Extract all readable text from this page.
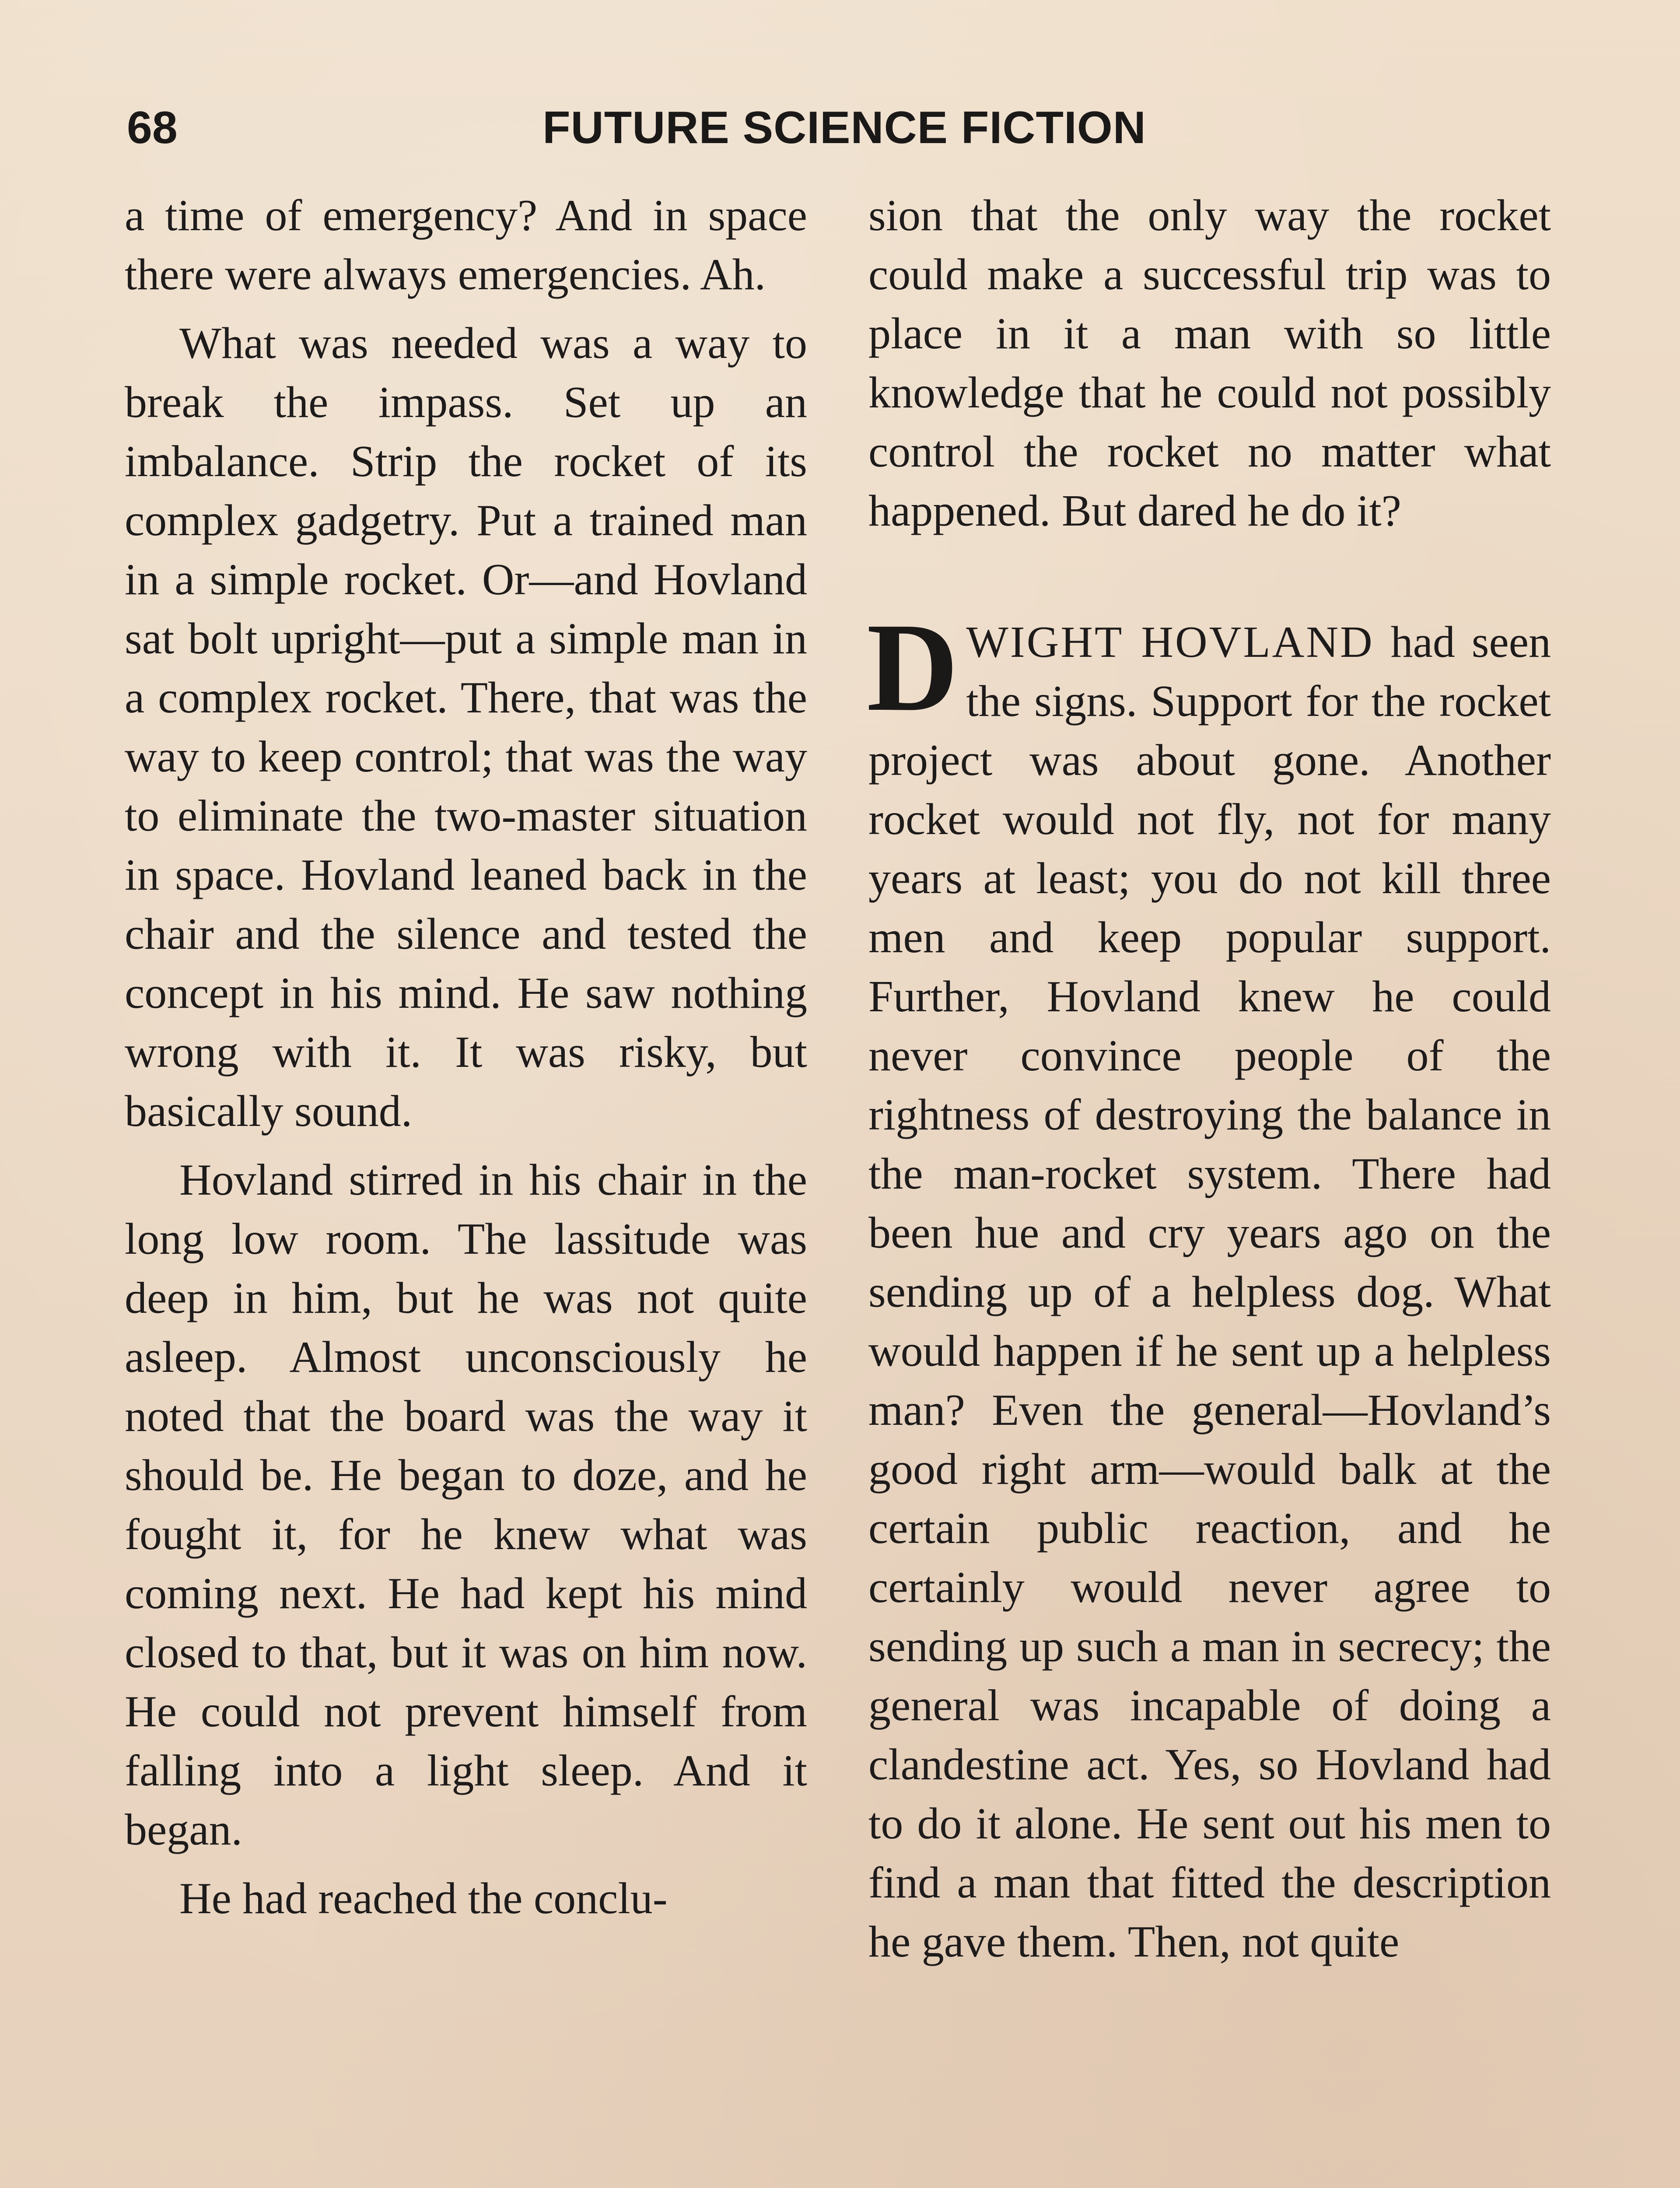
68	FUTURE SCIENCE FICTION

a time of emergency? And in space there were always emergencies. Ah.

What was needed was a way to break the impass. Set up an imbalance. Strip the rocket of its complex gadgetry. Put a trained man in a simple rocket. Or—and Hovland sat bolt upright—put a simple man in a complex rocket. There, that was the way to keep control; that was the way to eliminate the two-master situation in space. Hovland leaned back in the chair and the silence and tested the concept in his mind. He saw nothing wrong with it. It was risky, but basically sound.

Hovland stirred in his chair in the long low room. The lassitude was deep in him, but he was not quite asleep. Almost unconsciously he noted that the board was the way it should be. He began to doze, and he fought it, for he knew what was coming next. He had kept his mind closed to that, but it was on him now. He could not prevent himself from falling into a light sleep. And it began.

He had reached the conclu-

sion that the only way the rocket could make a successful trip was to place in it a man with so little knowledge that he could not possibly control the rocket no matter what happened. But dared he do it?

DWIGHT HOVLAND had seen the signs. Support for the rocket project was about gone. Another rocket would not fly, not for many years at least; you do not kill three men and keep popular support. Further, Hovland knew he could never convince people of the rightness of destroying the balance in the man-rocket system. There had been hue and cry years ago on the sending up of a helpless dog. What would happen if he sent up a helpless man? Even the general—Hovland’s good right arm—would balk at the certain public reaction, and he certainly would never agree to sending up such a man in secrecy; the general was incapable of doing a clandestine act. Yes, so Hovland had to do it alone. He sent out his men to find a man that fitted the description he gave them. Then, not quite
